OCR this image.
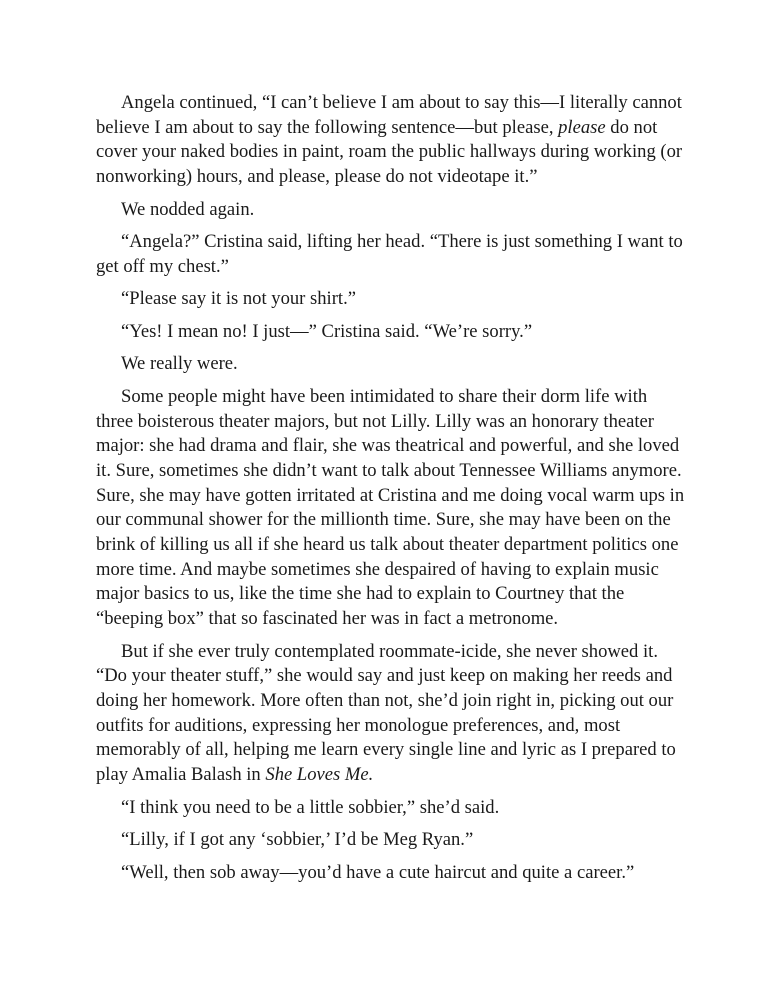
Angela continued, “I can’t believe I am about to say this—I literally cannot believe I am about to say the following sentence—but please, please do not cover your naked bodies in paint, roam the public hallways during working (or nonworking) hours, and please, please do not videotape it.”

We nodded again.

“Angela?” Cristina said, lifting her head. “There is just something I want to get off my chest.”

“Please say it is not your shirt.”

“Yes! I mean no! I just—” Cristina said. “We’re sorry.”

We really were.

Some people might have been intimidated to share their dorm life with three boisterous theater majors, but not Lilly. Lilly was an honorary theater major: she had drama and flair, she was theatrical and powerful, and she loved it. Sure, sometimes she didn’t want to talk about Tennessee Williams anymore. Sure, she may have gotten irritated at Cristina and me doing vocal warm ups in our communal shower for the millionth time. Sure, she may have been on the brink of killing us all if she heard us talk about theater department politics one more time. And maybe sometimes she despaired of having to explain music major basics to us, like the time she had to explain to Courtney that the “beeping box” that so fascinated her was in fact a metronome.

But if she ever truly contemplated roommate-icide, she never showed it. “Do your theater stuff,” she would say and just keep on making her reeds and doing her homework. More often than not, she’d join right in, picking out our outfits for auditions, expressing her monologue preferences, and, most memorably of all, helping me learn every single line and lyric as I prepared to play Amalia Balash in She Loves Me.

“I think you need to be a little sobbier,” she’d said.

“Lilly, if I got any ‘sobbier,’ I’d be Meg Ryan.”

“Well, then sob away—you’d have a cute haircut and quite a career.”
